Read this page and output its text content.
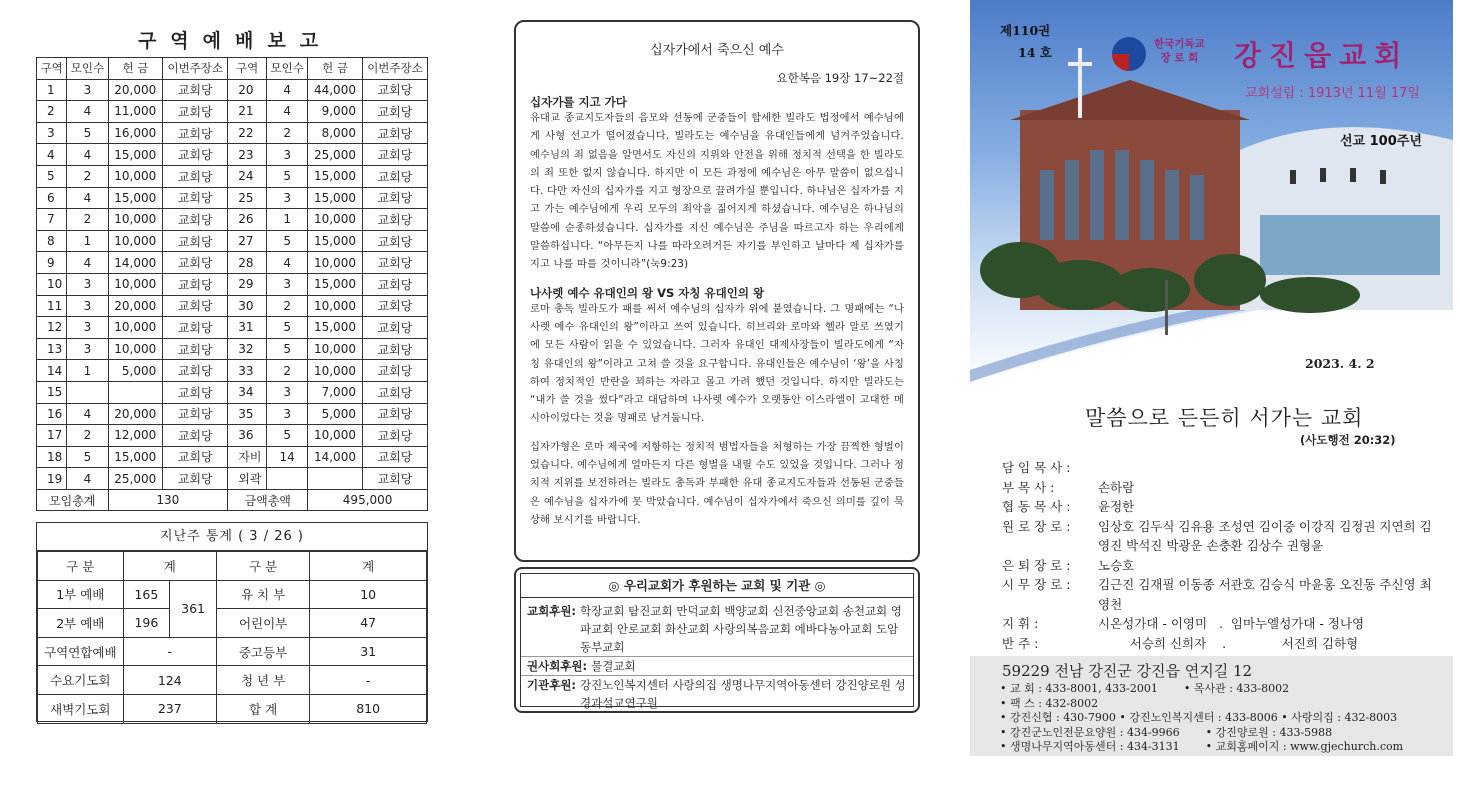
구역예배보고
구역	모인수	헌 금	이번주장소	구역	모인수	헌 금	이번주장소
1	3	20,000	교회당	20	4	44,000	교회당
2	4	11,000	교회당	21	4	9,000	교회당
3	5	16,000	교회당	22	2	8,000	교회당
4	4	15,000	교회당	23	3	25,000	교회당
5	2	10,000	교회당	24	5	15,000	교회당
6	4	15,000	교회당	25	3	15,000	교회당
7	2	10,000	교회당	26	1	10,000	교회당
8	1	10,000	교회당	27	5	15,000	교회당
9	4	14,000	교회당	28	4	10,000	교회당
10	3	10,000	교회당	29	3	15,000	교회당
11	3	20,000	교회당	30	2	10,000	교회당
12	3	10,000	교회당	31	5	15,000	교회당
13	3	10,000	교회당	32	5	10,000	교회당
14	1	5,000	교회당	33	2	10,000	교회당
15			교회당	34	3	7,000	교회당
16	4	20,000	교회당	35	3	5,000	교회당
17	2	12,000	교회당	36	5	10,000	교회당
18	5	15,000	교회당	자비	14	14,000	교회당
19	4	25,000	교회당	외곽			교회당
모임총계		130		금액총액		495,000	
지난주 통계 ( 3 / 26 )
구 분	계		구 분	계
1부 예배	165	361	유 치 부	10
2부 예배	196		어린이부	47
구역연합예배	-		중고등부	31
수요기도회	124		청 년 부	-
새벽기도회	237		합 계	810
십자가에서 죽으신 예수
요한복음 19장 17~22절
십자가를 지고 가다
유대교 종교지도자들의 음모와 선동에 군중들이 합세한 빌라도 법정에서 예수님에게 사형 선고가 떨어졌습니다. 빌라도는 예수님을 유대인들에게 넘겨주었습니다. 예수님의 죄 없음을 알면서도 자신의 지위와 안전을 위해 정치적 선택을 한 빌라도의 죄 또한 없지 않습니다. 하지만 이 모든 과정에 예수님은 아무 말씀이 없으십니다. 다만 자신의 십자가를 지고 형장으로 끌려가실 뿐입니다. 하나님은 십자가를 지고 가는 예수님에게 우리 모두의 죄악을 짊어지게 하셨습니다. 예수님은 하나님의 말씀에 순종하셨습니다. 십자가를 지신 예수님은 주님을 따르고자 하는 우리에게 말씀하십니다. “아무든지 나를 따라오려거든 자기를 부인하고 날마다 제 십자가를 지고 나를 따를 것이니라”(눅9:23)
나사렛 예수 유대인의 왕 VS 자칭 유대인의 왕
로마 총독 빌라도가 패를 써서 예수님의 십자가 위에 붙였습니다. 그 명패에는 “나사렛 예수 유대인의 왕”이라고 쓰여 있습니다. 히브리와 로마와 헬라 말로 쓰였기에 모든 사람이 읽을 수 있었습니다. 그러자 유대인 대제사장들이 빌라도에게 “자칭 유대인의 왕”이라고 고쳐 쓸 것을 요구합니다. 유대인들은 예수님이 ‘왕’을 사칭하여 정치적인 반란을 꾀하는 자라고 몰고 가려 했던 것입니다. 하지만 빌라도는 “내가 쓸 것을 썼다”라고 대답하며 나사렛 예수가 오랫동안 이스라엘이 고대한 메시아이었다는 것을 명패로 남겨둡니다.
십자가형은 로마 제국에 저항하는 정치적 범법자들을 처형하는 가장 끔찍한 형벌이었습니다. 예수님에게 얼마든지 다른 형벌을 내릴 수도 있었을 것입니다. 그러나 정치적 지위를 보전하려는 빌라도 총독과 부패한 유대 종교지도자들과 선동된 군중들은 예수님을 십자가에 못 박았습니다. 예수님이 십자가에서 죽으신 의미를 깊이 묵상해 보시기를 바랍니다.
◎ 우리교회가 후원하는 교회 및 기관 ◎
교회후원: 학장교회 탐진교회 만덕교회 백양교회 신전중앙교회 송천교회 영파교회 안로교회 화산교회 사랑의복음교회 에바다농아교회 도암동부교회
권사회후원: 물결교회
기관후원: 강진노인복지센터 사랑의집 생명나무지역아동센터 강진양로원 성경과설교연구원
제110권
14 호
한국기독교
장 로 회 강진읍교회
교회설립 : 1913년 11월 17일
선교 100주년
2023. 4. 2
말씀으로 든든히 서가는 교회
(사도행전 20:32)
담 임 목 사 :
부 목 사 :	손하람
협 동 목 사 :	윤정한
원 로 장 로 :	임상호 김두식 김유용 조성연 김이중 이강직 김정권 지연희 김영진 박석진 박광운 손충환 김상수 권형윤
은 퇴 장 로 :	노승호
시 무 장 로 :	김근진 김재필 이동종 서관호 김승식 마윤홍 오진동 주신영 최영천
지 휘 :	시온성가대 - 이영미   .  임마누엘성가대 - 정나영
반 주 :	서승희 신희자    .              서진희 김하형
59229 전남 강진군 강진읍 연지길 12
• 교 회 : 433-8001, 433-2001 • 목사관 : 433-8002
• 팩 스 : 432-8002
• 강진신협 : 430-7900 • 강진노인복지센터 : 433-8006 • 사랑의집 : 432-8003
• 강진군노인전문요양원 : 434-9966 • 강진양로원 : 433-5988
• 생명나무지역아동센터 : 434-3131 • 교회홈페이지 : www.gjechurch.com
